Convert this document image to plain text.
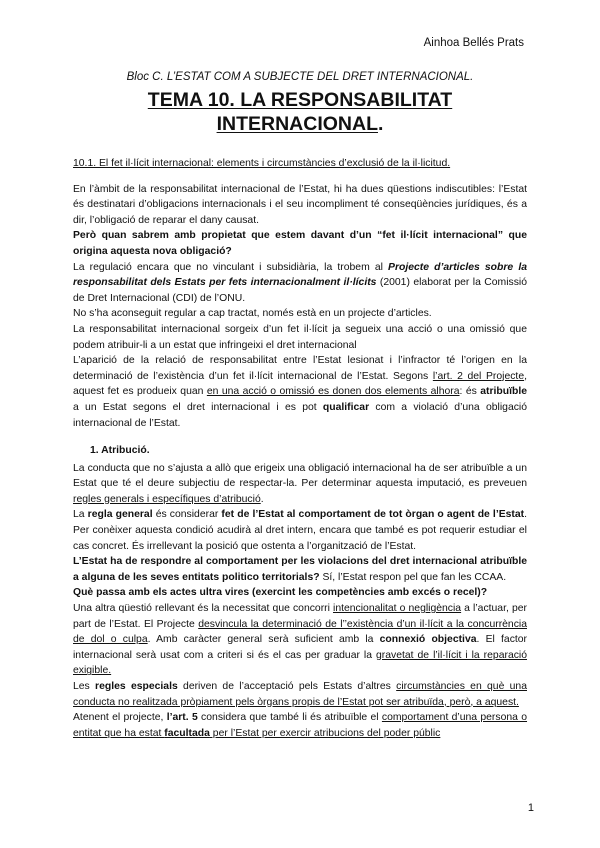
Ainhoa Bellés Prats
Bloc C. L’ESTAT COM A SUBJECTE DEL DRET INTERNACIONAL.
TEMA 10. LA RESPONSABILITAT
INTERNACIONAL.

10.1. El fet il·lícit internacional: elements i circumstàncies d’exclusió de la il·licitud.

En l’àmbit de la responsabilitat internacional de l’Estat, hi ha dues qüestions indiscutibles: l’Estat és destinatari d’obligacions internacionals i el seu incompliment té conseqüències jurídiques, és a dir, l’obligació de reparar el dany causat.

Però quan sabrem amb propietat que estem davant d’un “fet il·lícit internacional” que origina aquesta nova obligació?

La regulació encara que no vinculant i subsidiària, la trobem al Projecte d’articles sobre la responsabilitat dels Estats per fets internacionalment il·lícits (2001) elaborat per la Comissió de Dret Internacional (CDI) de l’ONU.

No s’ha aconseguit regular a cap tractat, només està en un projecte d’articles.

La responsabilitat internacional sorgeix d’un fet il·lícit ja segueix una acció o una omissió que podem atribuir-li a un estat que infringeixi el dret internacional

L’aparició de la relació de responsabilitat entre l’Estat lesionat i l’infractor té l’origen en la determinació de l’existència d’un fet il·lícit internacional de l’Estat. Segons l’art. 2 del Projecte, aquest fet es produeix quan en una acció o omissió es donen dos elements alhora: és atribuïble a un Estat segons el dret internacional i es pot qualificar com a violació d’una obligació internacional de l’Estat.

1. Atribució.

La conducta que no s’ajusta a allò que erigeix una obligació internacional ha de ser atribuïble a un Estat que té el deure subjectiu de respectar-la. Per determinar aquesta imputació, es preveuen regles generals i específiques d’atribució.

La regla general és considerar fet de l’Estat al comportament de tot òrgan o agent de l’Estat. Per conèixer aquesta condició acudirà al dret intern, encara que també es pot requerir estudiar el cas concret. És irrellevant la posició que ostenta a l’organització de l’Estat.

L’Estat ha de respondre al comportament per les violacions del dret internacional atribuïble a alguna de les seves entitats politico territorials? Sí, l’Estat respon pel que fan les CCAA.

Què passa amb els actes ultra vires (exercint les competències amb excés o recel)?

Una altra qüestió rellevant és la necessitat que concorri intencionalitat o negligència a l’actuar, per part de l’Estat. El Projecte desvincula la determinació de l’’existència d’un il·lícit a la concurrència de dol o culpa. Amb caràcter general serà suficient amb la connexió objectiva. El factor internacional serà usat com a criteri si és el cas per graduar la gravetat de l’il·lícit i la reparació exigible.

Les regles especials deriven de l’acceptació pels Estats d’altres circumstàncies en què una conducta no realitzada pròpiament pels òrgans propis de l’Estat pot ser atribuïda, però, a aquest.

Atenent el projecte, l’art. 5 considera que també li és atribuïble el comportament d’una persona o entitat que ha estat facultada per l’Estat per exercir atribucions del poder públic

1
